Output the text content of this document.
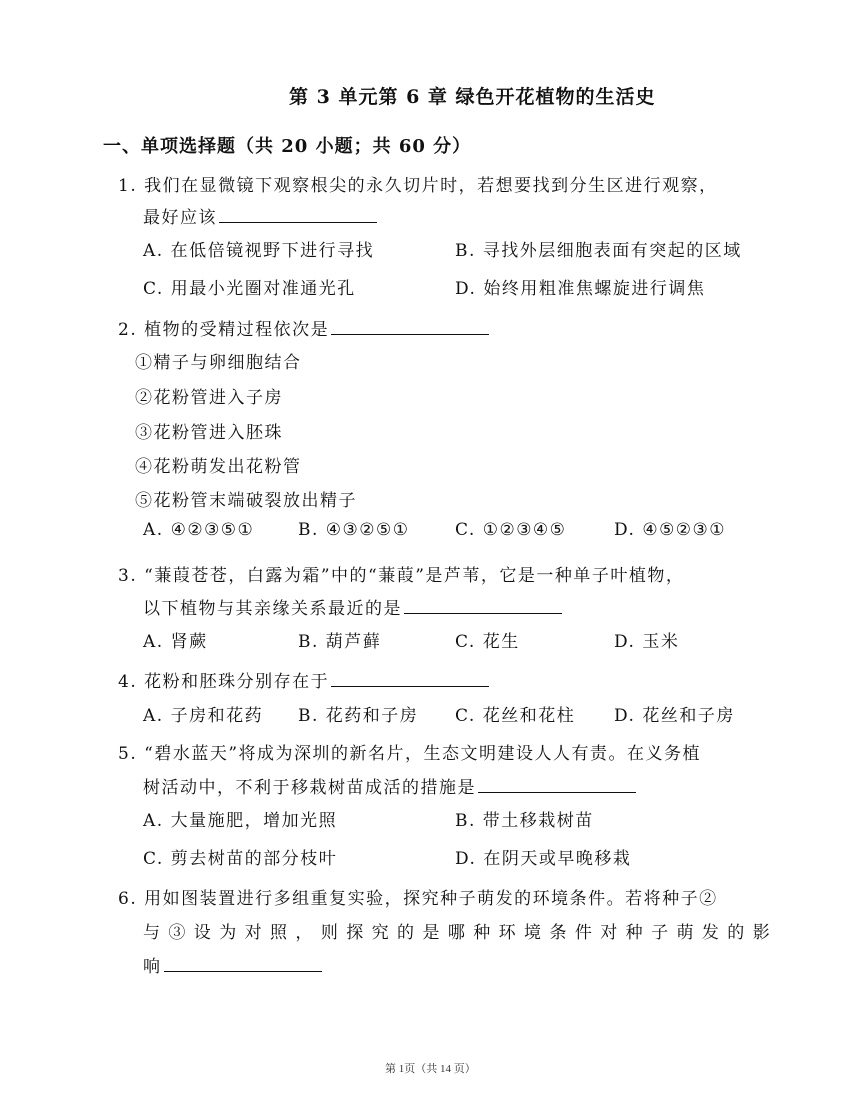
第 3 单元第 6 章 绿色开花植物的生活史
一、单项选择题（共 20 小题；共 60 分）
1. 我们在显微镜下观察根尖的永久切片时，若想要找到分生区进行观察，
最好应该
A. 在低倍镜视野下进行寻找	B. 寻找外层细胞表面有突起的区域
C. 用最小光圈对准通光孔	D. 始终用粗准焦螺旋进行调焦
2. 植物的受精过程依次是
①精子与卵细胞结合
②花粉管进入子房
③花粉管进入胚珠
④花粉萌发出花粉管
⑤花粉管末端破裂放出精子
A. ④②③⑤①	B. ④③②⑤①	C. ①②③④⑤	D. ④⑤②③①
3. “蒹葭苍苍，白露为霜”中的“蒹葭”是芦苇，它是一种单子叶植物，
以下植物与其亲缘关系最近的是
A. 肾蕨	B. 葫芦藓	C. 花生	D. 玉米
4. 花粉和胚珠分别存在于
A. 子房和花药 B. 花药和子房 C. 花丝和花柱 D. 花丝和子房
5. “碧水蓝天”将成为深圳的新名片，生态文明建设人人有责。在义务植
树活动中，不利于移栽树苗成活的措施是
A. 大量施肥，增加光照	B. 带土移栽树苗
C. 剪去树苗的部分枝叶	D. 在阴天或早晚移栽
6. 用如图装置进行多组重复实验，探究种子萌发的环境条件。若将种子②
与 ③ 设 为 对 照 ， 则 探 究 的 是 哪 种 环 境 条 件 对 种 子 萌 发 的 影
响
第 1页（共 14 页）
